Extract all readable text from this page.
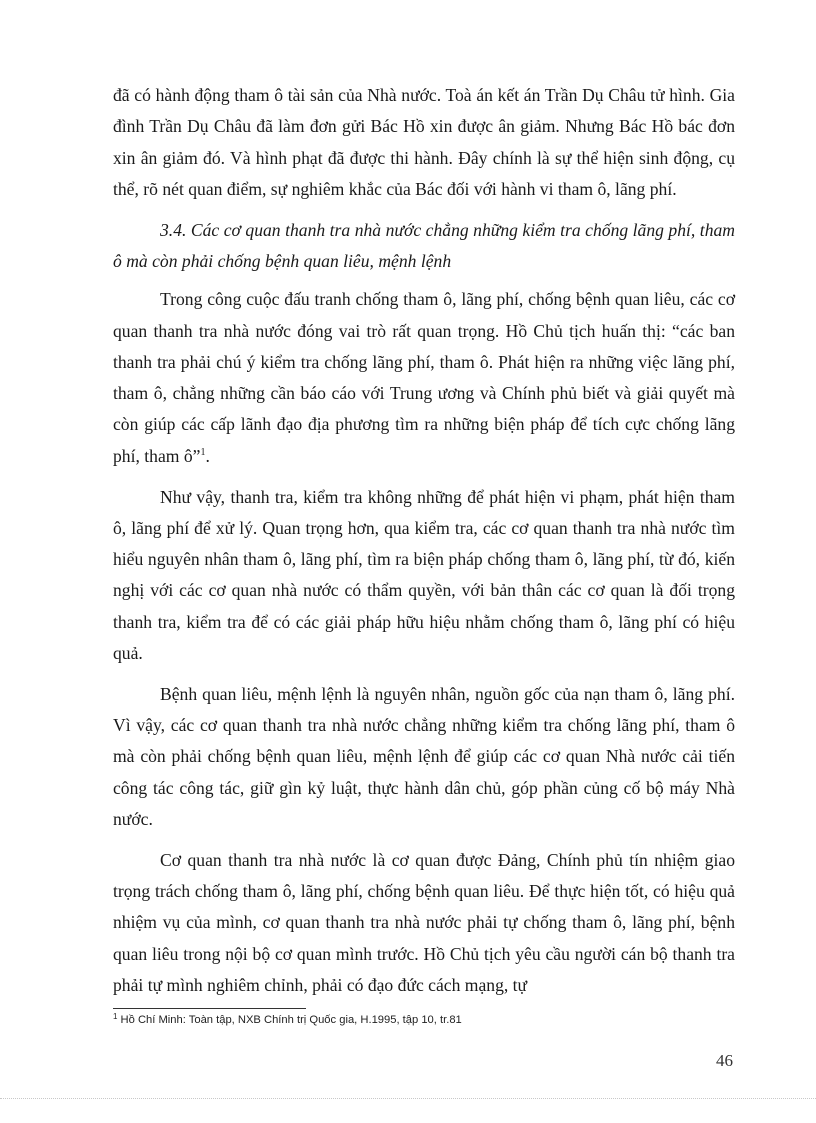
đã có hành động tham ô tài sản của Nhà nước. Toà án kết án Trần Dụ Châu tử hình. Gia đình Trần Dụ Châu đã làm đơn gửi Bác Hồ xin được ân giảm. Nhưng Bác Hồ bác đơn xin ân giảm đó. Và hình phạt đã được thi hành. Đây chính là sự thể hiện sinh động, cụ thể, rõ nét quan điểm, sự nghiêm khắc của Bác đối với hành vi tham ô, lãng phí.

3.4. Các cơ quan thanh tra nhà nước chẳng những kiểm tra chống lãng phí, tham ô mà còn phải chống bệnh quan liêu, mệnh lệnh

Trong công cuộc đấu tranh chống tham ô, lãng phí, chống bệnh quan liêu, các cơ quan thanh tra nhà nước đóng vai trò rất quan trọng. Hồ Chủ tịch huấn thị: “các ban thanh tra phải chú ý kiểm tra chống lãng phí, tham ô. Phát hiện ra những việc lãng phí, tham ô, chẳng những cần báo cáo với Trung ương và Chính phủ biết và giải quyết mà còn giúp các cấp lãnh đạo địa phương tìm ra những biện pháp để tích cực chống lãng phí, tham ô”$^1$.

Như vậy, thanh tra, kiểm tra không những để phát hiện vi phạm, phát hiện tham ô, lãng phí để xử lý. Quan trọng hơn, qua kiểm tra, các cơ quan thanh tra nhà nước tìm hiểu nguyên nhân tham ô, lãng phí, tìm ra biện pháp chống tham ô, lãng phí, từ đó, kiến nghị với các cơ quan nhà nước có thẩm quyền, với bản thân các cơ quan là đối trọng thanh tra, kiểm tra để có các giải pháp hữu hiệu nhằm chống tham ô, lãng phí có hiệu quả.

Bệnh quan liêu, mệnh lệnh là nguyên nhân, nguồn gốc của nạn tham ô, lãng phí. Vì vậy, các cơ quan thanh tra nhà nước chẳng những kiểm tra chống lãng phí, tham ô mà còn phải chống bệnh quan liêu, mệnh lệnh để giúp các cơ quan Nhà nước cải tiến công tác công tác, giữ gìn kỷ luật, thực hành dân chủ, góp phần củng cố bộ máy Nhà nước.

Cơ quan thanh tra nhà nước là cơ quan được Đảng, Chính phủ tín nhiệm giao trọng trách chống tham ô, lãng phí, chống bệnh quan liêu. Để thực hiện tốt, có hiệu quả nhiệm vụ của mình, cơ quan thanh tra nhà nước phải tự chống tham ô, lãng phí, bệnh quan liêu trong nội bộ cơ quan mình trước. Hồ Chủ tịch yêu cầu người cán bộ thanh tra phải tự mình nghiêm chỉnh, phải có đạo đức cách mạng, tự

$^1$ Hồ Chí Minh: Toàn tập, NXB Chính trị Quốc gia, H.1995, tập 10, tr.81
46
